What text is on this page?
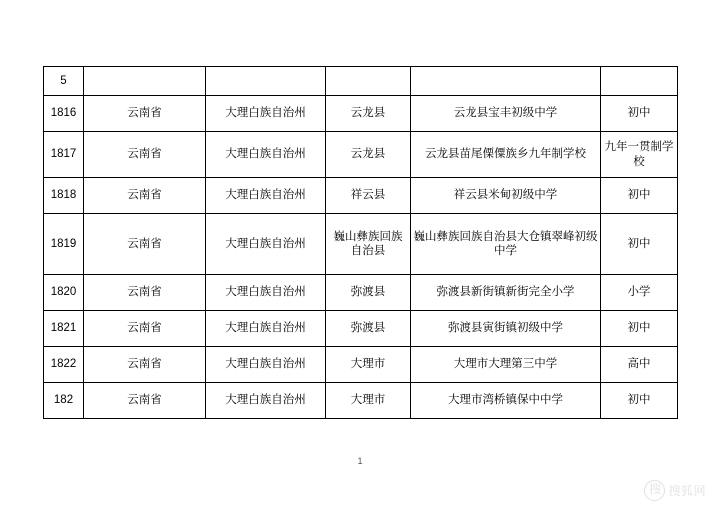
5					
1816	云南省	大理白族自治州	云龙县	云龙县宝丰初级中学	初中
1817	云南省	大理白族自治州	云龙县	云龙县苗尾傈僳族乡九年制学校	九年一贯制学校
1818	云南省	大理白族自治州	祥云县	祥云县米甸初级中学	初中
1819	云南省	大理白族自治州	巍山彝族回族自治县	巍山彝族回族自治县大仓镇翠峰初级中学	初中
1820	云南省	大理白族自治州	弥渡县	弥渡县新街镇新街完全小学	小学
1821	云南省	大理白族自治州	弥渡县	弥渡县寅街镇初级中学	初中
1822	云南省	大理白族自治州	大理市	大理市大理第三中学	高中
182	云南省	大理白族自治州	大理市	大理市湾桥镇保中中学	初中
1
搜 搜狐网
